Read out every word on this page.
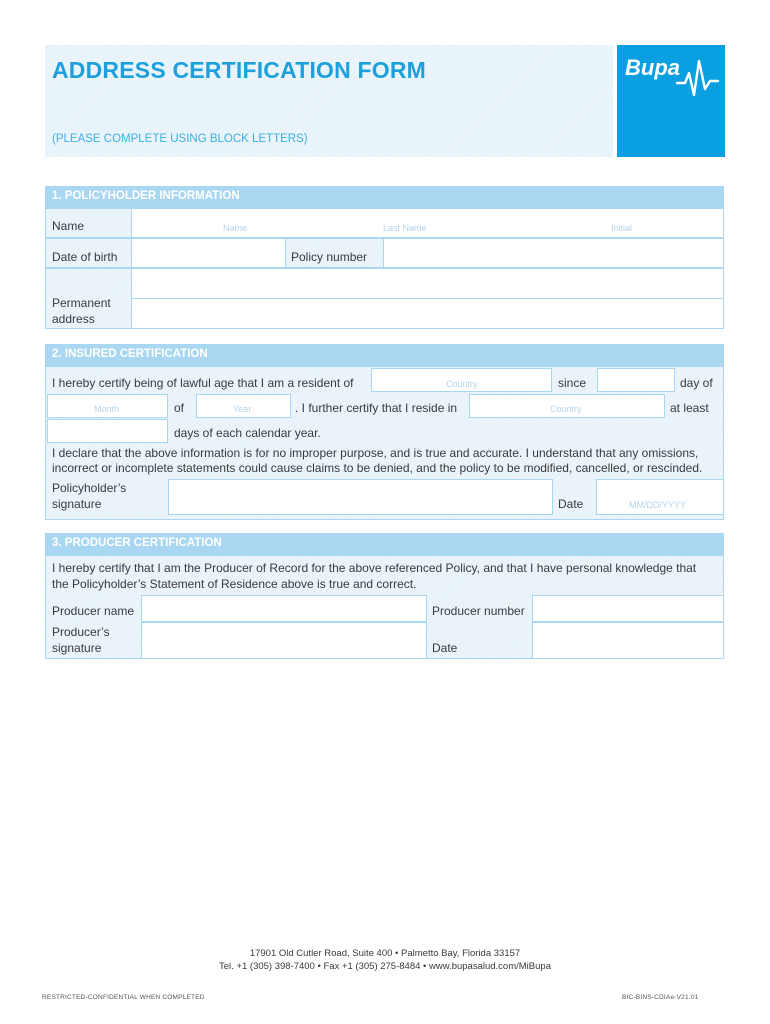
ADDRESS CERTIFICATION FORM
(PLEASE COMPLETE USING BLOCK LETTERS)
Bupa
1. POLICYHOLDER INFORMATION
Name	Name	Last Name	Initial
Date of birth	Policy number
Permanent
address
2. INSURED CERTIFICATION
I hereby certify being of lawful age that I am a resident of	Country	since	day of
Month	of	Year	. I further certify that I reside in	Country	at least
days of each calendar year.
I declare that the above information is for no improper purpose, and is true and accurate. I understand that any omissions,
incorrect or incomplete statements could cause claims to be denied, and the policy to be modified, cancelled, or rescinded.
Policyholder’s
signature	Date	MM/DD/YYYY
3. PRODUCER CERTIFICATION
I hereby certify that I am the Producer of Record for the above referenced Policy, and that I have personal knowledge that
the Policyholder’s Statement of Residence above is true and correct.
Producer name	Producer number
Producer’s
signature	Date
17901 Old Cutler Road, Suite 400 • Palmetto Bay, Florida 33157
Tel. +1 (305) 398-7400 • Fax +1 (305) 275-8484 • www.bupasalud.com/MiBupa
RESTRICTED-CONFIDENTIAL WHEN COMPLETED	BIC-BINS-CDIAe-V21.01
